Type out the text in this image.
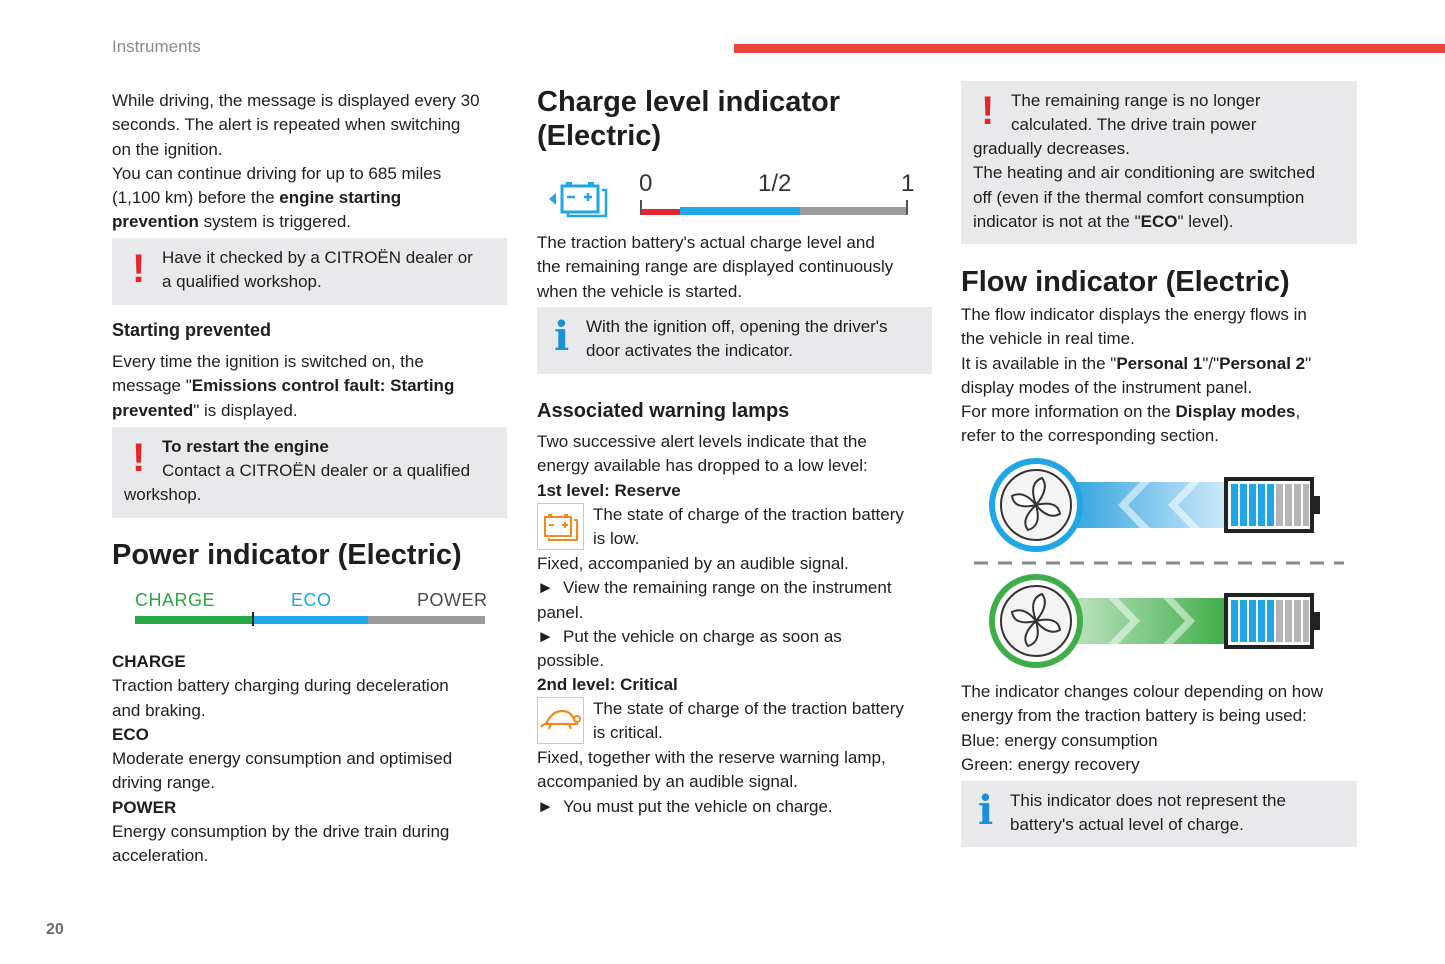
Instruments

While driving, the message is displayed every 30
seconds. The alert is repeated when switching
on the ignition.
You can continue driving for up to 685 miles
(1,100 km) before the engine starting
prevention system is triggered.

! Have it checked by a CITROËN dealer or
a qualified workshop.

Starting prevented

Every time the ignition is switched on, the
message "Emissions control fault: Starting
prevented" is displayed.

! To restart the engine
Contact a CITROËN dealer or a qualified

workshop.

Power indicator (Electric)
CHARGE	ECO	POWER

CHARGE
Traction battery charging during deceleration
and braking.
ECO
Moderate energy consumption and optimised
driving range.
POWER
Energy consumption by the drive train during
acceleration.

20
Charge level indicator
(Electric)
0	1/2	1

The traction battery's actual charge level and
the remaining range are displayed continuously
when the vehicle is started.

i With the ignition off, opening the driver's
door activates the indicator.

Associated warning lamps

Two successive alert levels indicate that the
energy available has dropped to a low level:
1st level: Reserve

The state of charge of the traction battery
is low.

Fixed, accompanied by an audible signal.
► View the remaining range on the instrument
panel.
► Put the vehicle on charge as soon as
possible.
2nd level: Critical

The state of charge of the traction battery
is critical.

Fixed, together with the reserve warning lamp,
accompanied by an audible signal.
► You must put the vehicle on charge.

! The remaining range is no longer
calculated. The drive train power

gradually decreases.
The heating and air conditioning are switched
off (even if the thermal comfort consumption
indicator is not at the "ECO" level).

Flow indicator (Electric)

The flow indicator displays the energy flows in
the vehicle in real time.
It is available in the "Personal 1"/"Personal 2"
display modes of the instrument panel.
For more information on the Display modes,
refer to the corresponding section.

The indicator changes colour depending on how
energy from the traction battery is being used:
Blue: energy consumption
Green: energy recovery

i This indicator does not represent the
battery's actual level of charge.
